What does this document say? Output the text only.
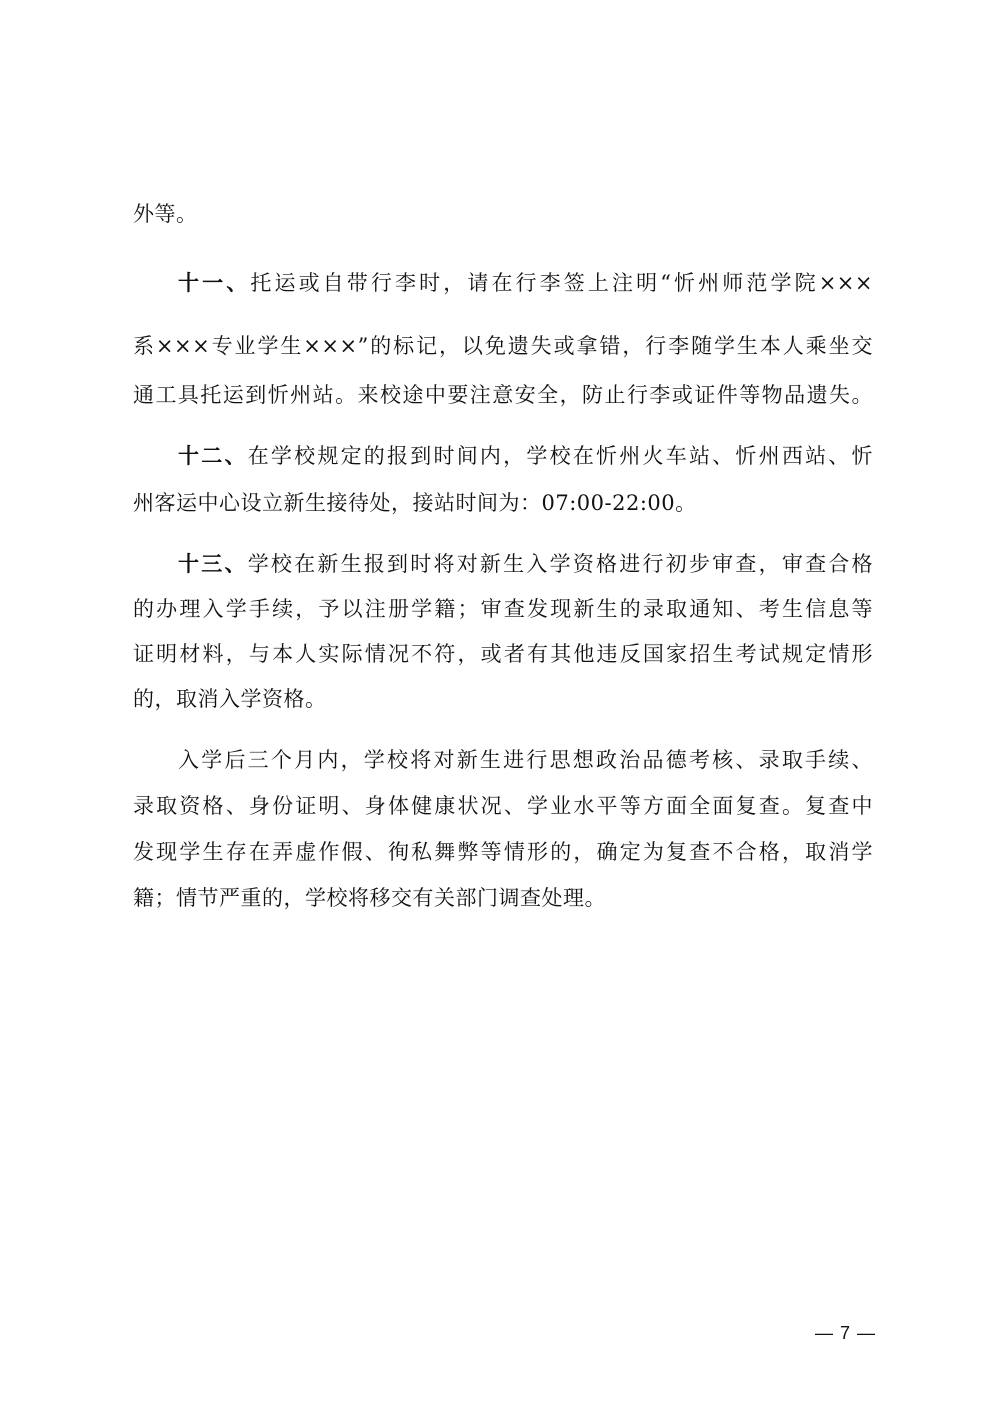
外等。
十一、托运或自带行李时，请在行李签上注明“忻州师范学院×××
系×××专业学生×××”的标记，以免遗失或拿错，行李随学生本人乘坐交
通工具托运到忻州站。来校途中要注意安全，防止行李或证件等物品遗失。
十二、在学校规定的报到时间内，学校在忻州火车站、忻州西站、忻
州客运中心设立新生接待处，接站时间为：07:00-22:00。
十三、学校在新生报到时将对新生入学资格进行初步审查，审查合格
的办理入学手续，予以注册学籍；审查发现新生的录取通知、考生信息等
证明材料，与本人实际情况不符，或者有其他违反国家招生考试规定情形
的，取消入学资格。
入学后三个月内，学校将对新生进行思想政治品德考核、录取手续、
录取资格、身份证明、身体健康状况、学业水平等方面全面复查。复查中
发现学生存在弄虚作假、徇私舞弊等情形的，确定为复查不合格，取消学
籍；情节严重的，学校将移交有关部门调查处理。
— 7 —
